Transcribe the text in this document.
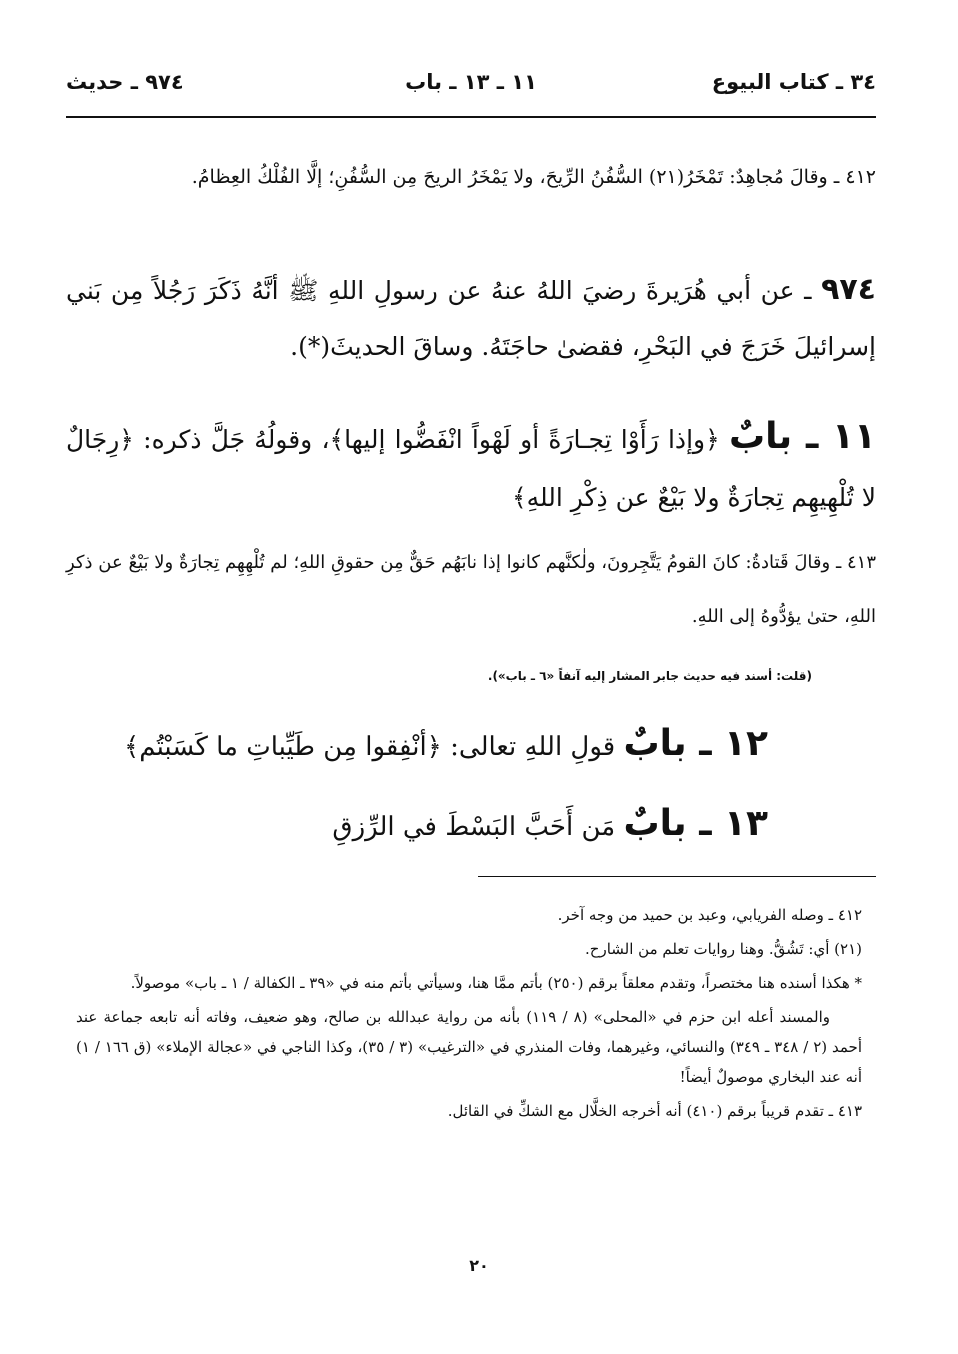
٣٤ ـ كتاب البيوع
١١ ـ ١٣ ـ باب
٩٧٤ ـ حديث
٤١٢ ـ وقالَ مُجاهِدٌ: تَمْخَرُ(٢١) السُّفُنُ الرِّيحَ، ولا يَمْخَرُ الريحَ مِن السُّفُنِ؛ إلَّا الفُلْكُ العِظامُ.
٩٧٤ ـ عن أبي هُرَيرةَ رضيَ اللهُ عنهُ عن رسولِ اللهِ ﷺ أنَّهُ ذَكَرَ رَجُلاً مِن بَني إسرائيلَ خَرَجَ في البَحْرِ، فقضىٰ حاجَتَهُ. وساقَ الحديثَ(*).
١١ ـ بابٌ ﴿وإذا رَأَوْا تِجـارَةً أو لَهْواً انْفَضُّوا إليها﴾، وقولُهُ جَلَّ ذكره: ﴿رِجَالٌ لا تُلْهِيهِم تِجارَةٌ ولا بَيْعٌ عن ذِكْرِ اللهِ﴾
٤١٣ ـ وقالَ قَتادةُ: كانَ القومُ يَتَّجِرونَ، ولٰكنَّهم كانوا إذا نابَهُم حَقٌّ مِن حقوقِ اللهِ؛ لم تُلْهِهِم تِجارَةٌ ولا بَيْعٌ عن ذكرِ اللهِ، حتىٰ يؤدُّوهُ إلى اللهِ.
(قلت: أسند فيه حديث جابر المشار إليه آنفاً «٦ ـ باب»).
١٢ ـ بابٌ قولِ اللهِ تعالى: ﴿أنْفِقوا مِن طَيِّباتِ ما كَسَبْتُم﴾
١٣ ـ بابٌ مَن أَحَبَّ البَسْطَ في الرِّزقِ

٤١٢ ـ وصله الفريابي، وعبد بن حميد من وجه آخر.

(٢١) أي: تَشُقُّ. وهنا روايات تعلم من الشارح.

* هكذا أسنده هنا مختصراً، وتقدم معلقاً برقم (٢٥٠) بأتم ممَّا هنا، وسيأتي بأتم منه في «٣٩ ـ الكفالة / ١ ـ باب» موصولاً.

والمسند أعله ابن حزم في «المحلى» (٨ / ١١٩) بأنه من رواية عبدالله بن صالح، وهو ضعيف، وفاته أنه تابعه جماعة عند أحمد (٢ / ٣٤٨ ـ ٣٤٩) والنسائي، وغيرهما، وفات المنذري في «الترغيب» (٣ / ٣٥)، وكذا الناجي في «عجالة الإملاء» (ق ١٦٦ / ١) أنه عند البخاري موصولٌ أيضاً!

٤١٣ ـ تقدم قريباً برقم (٤١٠) أنه أخرجه الخلَّال مع الشكِّ في القائل.

٢٠
